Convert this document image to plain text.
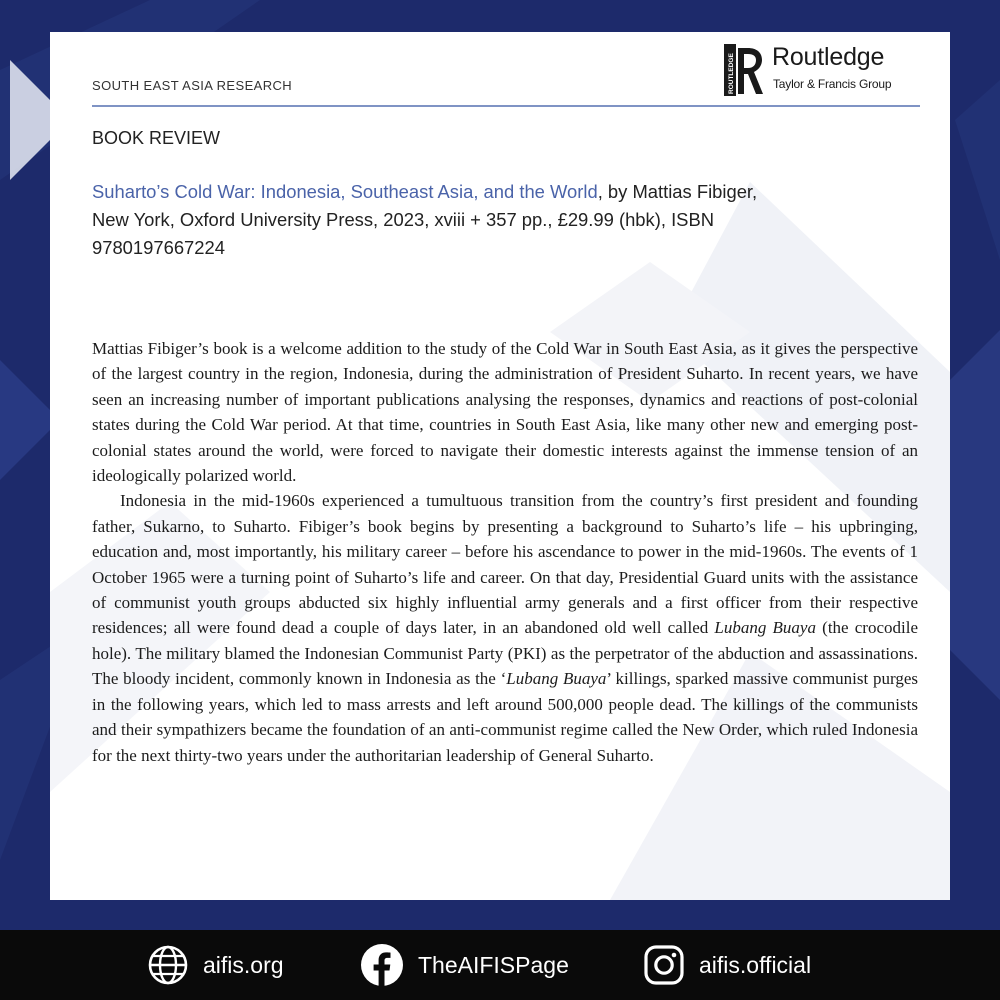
SOUTH EAST ASIA RESEARCH	ROUTLEDGE Routledge
Taylor & Francis Group
BOOK REVIEW
Suharto’s Cold War: Indonesia, Southeast Asia, and the World, by Mattias Fibiger,
New York, Oxford University Press, 2023, xviii + 357 pp., £29.99 (hbk), ISBN
9780197667224

Mattias Fibiger’s book is a welcome addition to the study of the Cold War in South East Asia, as it gives the perspective of the largest country in the region, Indonesia, during the administration of President Suharto. In recent years, we have seen an increasing number of important publications analysing the responses, dynamics and reactions of post-colonial states during the Cold War period. At that time, countries in South East Asia, like many other new and emerging post-colonial states around the world, were forced to navigate their domestic interests against the immense tension of an ideologically polarized world.

Indonesia in the mid-1960s experienced a tumultuous transition from the country’s first president and founding father, Sukarno, to Suharto. Fibiger’s book begins by presenting a background to Suharto’s life – his upbringing, education and, most importantly, his military career – before his ascendance to power in the mid-1960s. The events of 1 October 1965 were a turning point of Suharto’s life and career. On that day, Presidential Guard units with the assistance of communist youth groups abducted six highly influential army generals and a first officer from their respective residences; all were found dead a couple of days later, in an abandoned old well called Lubang Buaya (the crocodile hole). The military blamed the Indonesian Communist Party (PKI) as the perpetrator of the abduction and assassinations. The bloody incident, commonly known in Indonesia as the ‘Lubang Buaya’ killings, sparked massive communist purges in the following years, which led to mass arrests and left around 500,000 people dead. The killings of the communists and their sympathizers became the foundation of an anti-communist regime called the New Order, which ruled Indonesia for the next thirty-two years under the authoritarian leadership of General Suharto.

aifis.org	TheAIFISPage	aifis.official
